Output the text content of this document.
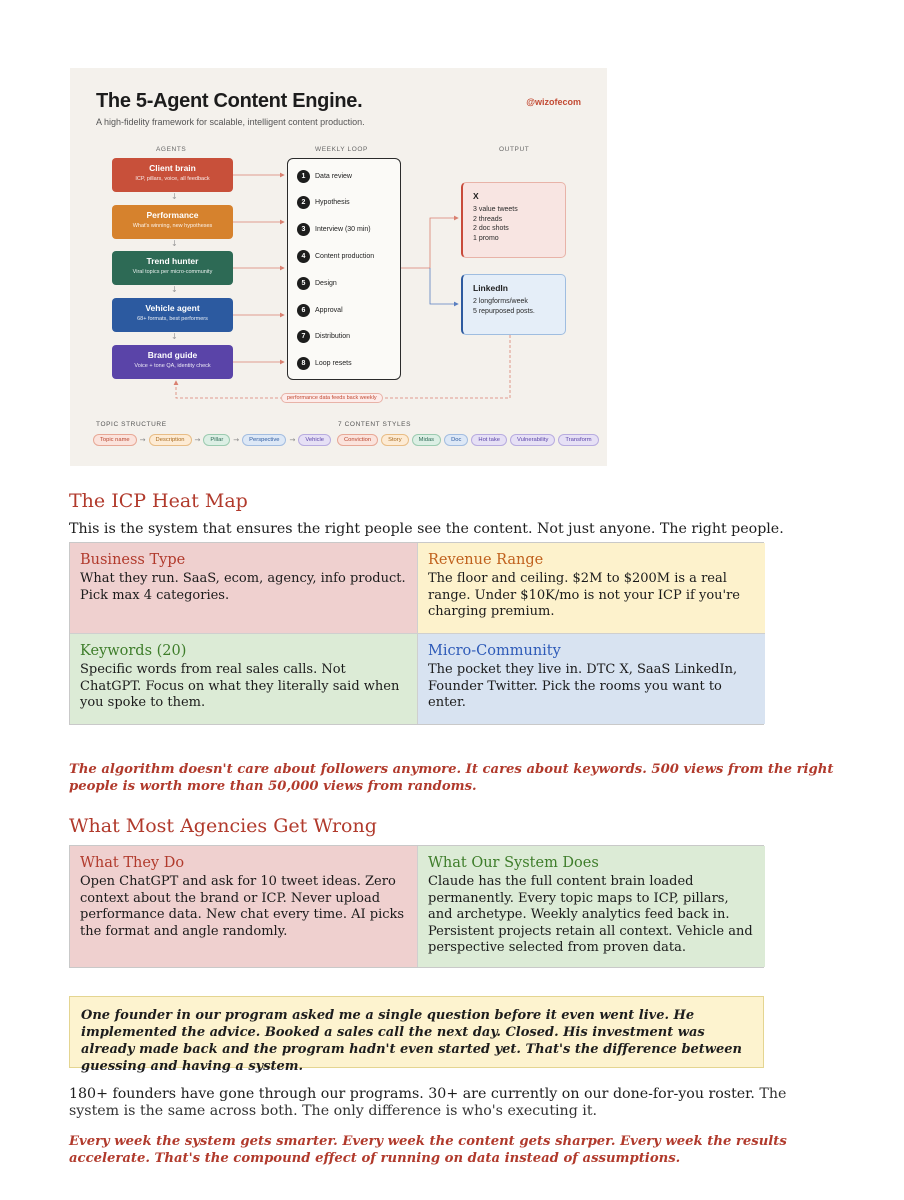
The 5-Agent Content Engine.
A high-fidelity framework for scalable, intelligent content production.
@wizofecom
AGENTS	WEEKLY LOOP	OUTPUT
Client brain
ICP, pillars, voice, all feedback
↓
Performance
What's winning, new hypotheses
↓
Trend hunter
Viral topics per micro-community
↓
Vehicle agent
68+ formats, best performers
↓
Brand guide
Voice + tone QA, identity check
1	Data review
2	Hypothesis
3	Interview (30 min)
4	Content production
5	Design
6	Approval
7	Distribution
8	Loop resets
X
3 value tweets
2 threads
2 doc shots
1 promo
LinkedIn
2 longforms/week
5 repurposed posts.
performance data feeds back weekly
TOPIC STRUCTURE	7 CONTENT STYLES
Topic name	→	Description	→	Pillar	→	Perspective	→	Vehicle	Conviction	Story	Midas	Doc	Hot take	Vulnerability	Transform
The ICP Heat Map
This is the system that ensures the right people see the content. Not just anyone. The right people.
Business Type
What they run. SaaS, ecom, agency, info product. Pick max 4 categories.
Revenue Range
The floor and ceiling. $2M to $200M is a real range. Under $10K/mo is not your ICP if you're charging premium.
Keywords (20)
Specific words from real sales calls. Not ChatGPT. Focus on what they literally said when you spoke to them.
Micro-Community
The pocket they live in. DTC X, SaaS LinkedIn, Founder Twitter. Pick the rooms you want to enter.
The algorithm doesn't care about followers anymore. It cares about keywords. 500 views from the right people is worth more than 50,000 views from randoms.
What Most Agencies Get Wrong
What They Do
Open ChatGPT and ask for 10 tweet ideas. Zero context about the brand or ICP. Never upload performance data. New chat every time. AI picks the format and angle randomly.
What Our System Does
Claude has the full content brain loaded permanently. Every topic maps to ICP, pillars, and archetype. Weekly analytics feed back in. Persistent projects retain all context. Vehicle and perspective selected from proven data.

One founder in our program asked me a single question before it even went live. He implemented the advice. Booked a sales call the next day. Closed. His investment was already made back and the program hadn't even started yet. That's the difference between guessing and having a system.

180+ founders have gone through our programs. 30+ are currently on our done-for-you roster. The system is the same across both. The only difference is who's executing it.
Every week the system gets smarter. Every week the content gets sharper. Every week the results accelerate. That's the compound effect of running on data instead of assumptions.
